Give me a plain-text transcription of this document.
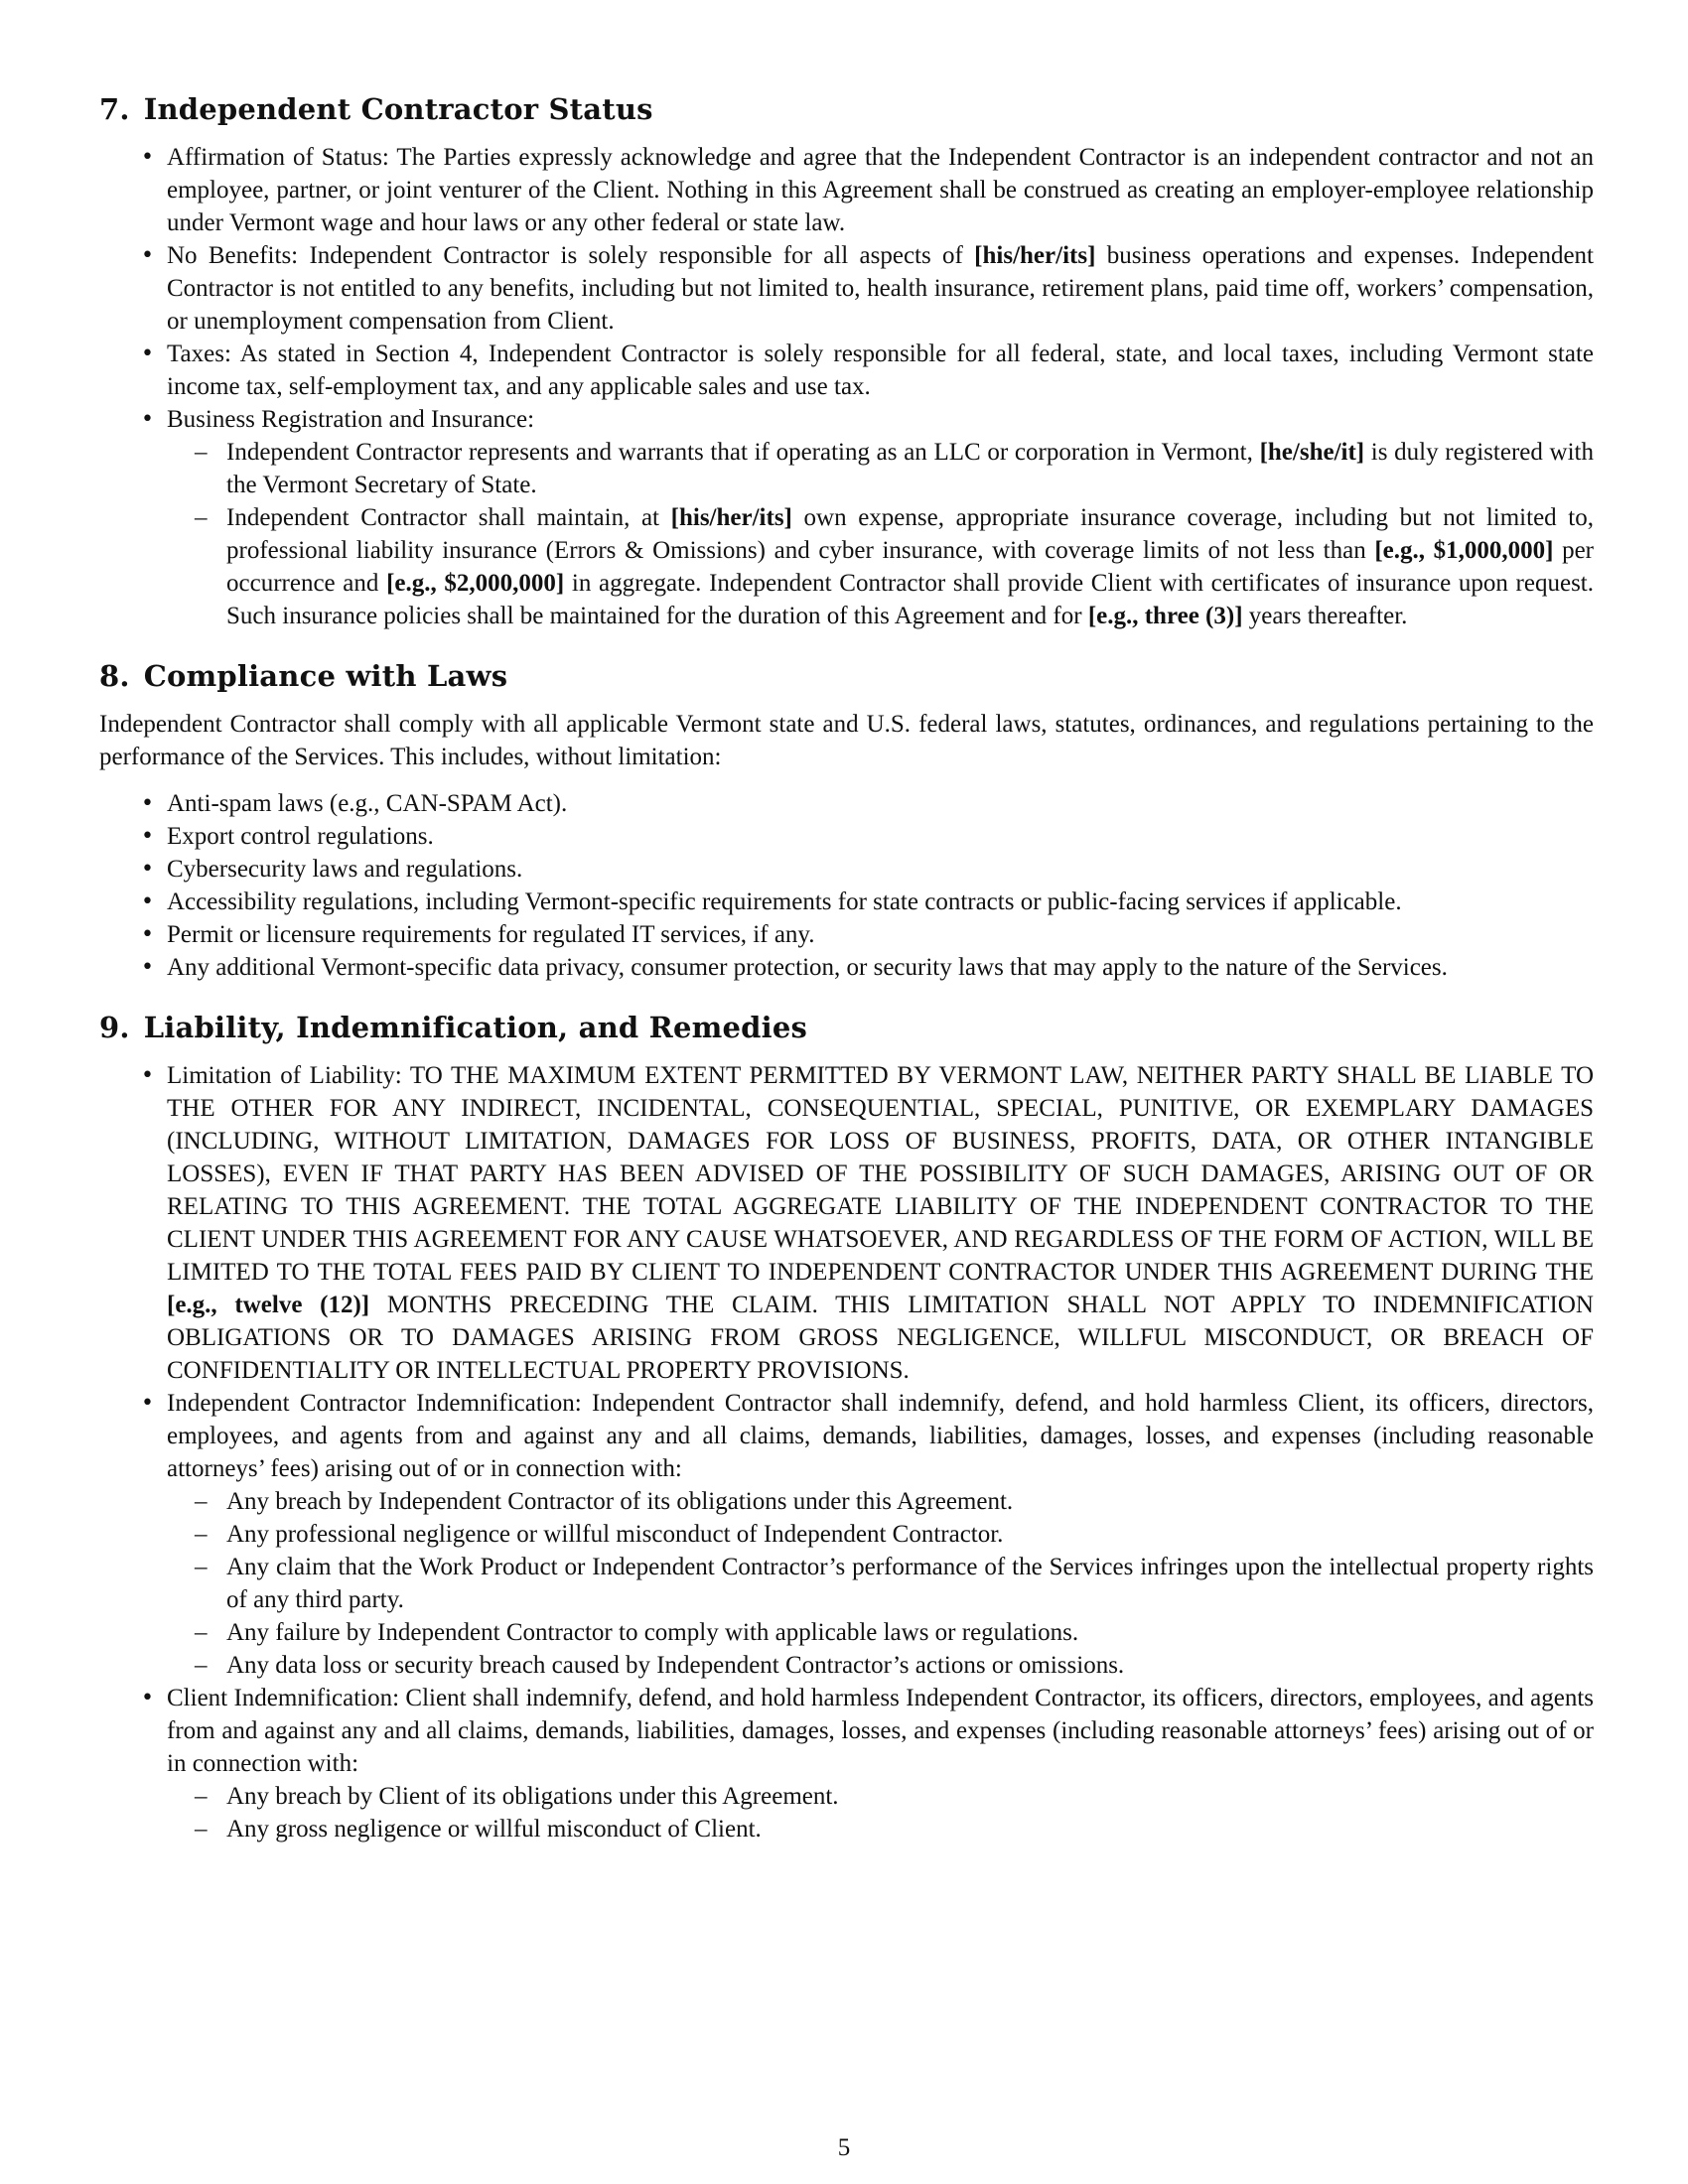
7. Independent Contractor Status
• Affirmation of Status: The Parties expressly acknowledge and agree that the Independent Contractor is an independent contractor and not an employee, partner, or joint venturer of the Client. Nothing in this Agreement shall be construed as creating an employer-employee relationship under Vermont wage and hour laws or any other federal or state law.
• No Benefits: Independent Contractor is solely responsible for all aspects of [his/her/its] business operations and expenses. Independent Contractor is not entitled to any benefits, including but not limited to, health insurance, retirement plans, paid time off, workers’ compensation, or unemployment compensation from Client.
• Taxes: As stated in Section 4, Independent Contractor is solely responsible for all federal, state, and local taxes, including Vermont state income tax, self-employment tax, and any applicable sales and use tax.
• Business Registration and Insurance:
– Independent Contractor represents and warrants that if operating as an LLC or corporation in Vermont, [he/she/it] is duly registered with the Vermont Secretary of State.
– Independent Contractor shall maintain, at [his/her/its] own expense, appropriate insurance coverage, including but not limited to, professional liability insurance (Errors & Omissions) and cyber insurance, with coverage limits of not less than [e.g., $1,000,000] per occurrence and [e.g., $2,000,000] in aggregate. Independent Contractor shall provide Client with certificates of insurance upon request. Such insurance policies shall be maintained for the duration of this Agreement and for [e.g., three (3)] years thereafter.
8. Compliance with Laws

Independent Contractor shall comply with all applicable Vermont state and U.S. federal laws, statutes, ordinances, and regulations pertaining to the performance of the Services. This includes, without limitation:

• Anti-spam laws (e.g., CAN-SPAM Act).
• Export control regulations.
• Cybersecurity laws and regulations.
• Accessibility regulations, including Vermont-specific requirements for state contracts or public-facing services if applicable.
• Permit or licensure requirements for regulated IT services, if any.
• Any additional Vermont-specific data privacy, consumer protection, or security laws that may apply to the nature of the Services.
9. Liability, Indemnification, and Remedies
• Limitation of Liability: TO THE MAXIMUM EXTENT PERMITTED BY VERMONT LAW, NEITHER PARTY SHALL BE LIABLE TO THE OTHER FOR ANY INDIRECT, INCIDENTAL, CONSEQUENTIAL, SPECIAL, PUNITIVE, OR EXEMPLARY DAMAGES (INCLUDING, WITHOUT LIMITATION, DAMAGES FOR LOSS OF BUSINESS, PROFITS, DATA, OR OTHER INTANGIBLE LOSSES), EVEN IF THAT PARTY HAS BEEN ADVISED OF THE POSSIBILITY OF SUCH DAMAGES, ARISING OUT OF OR RELATING TO THIS AGREEMENT. THE TOTAL AGGREGATE LIABILITY OF THE INDEPENDENT CONTRACTOR TO THE CLIENT UNDER THIS AGREEMENT FOR ANY CAUSE WHATSOEVER, AND REGARDLESS OF THE FORM OF ACTION, WILL BE LIMITED TO THE TOTAL FEES PAID BY CLIENT TO INDEPENDENT CONTRACTOR UNDER THIS AGREEMENT DURING THE [e.g., twelve (12)] MONTHS PRECEDING THE CLAIM. THIS LIMITATION SHALL NOT APPLY TO INDEMNIFICATION OBLIGATIONS OR TO DAMAGES ARISING FROM GROSS NEGLIGENCE, WILLFUL MISCONDUCT, OR BREACH OF CONFIDENTIALITY OR INTELLECTUAL PROPERTY PROVISIONS.
• Independent Contractor Indemnification: Independent Contractor shall indemnify, defend, and hold harmless Client, its officers, directors, employees, and agents from and against any and all claims, demands, liabilities, damages, losses, and expenses (including reasonable attorneys’ fees) arising out of or in connection with:
– Any breach by Independent Contractor of its obligations under this Agreement.
– Any professional negligence or willful misconduct of Independent Contractor.
– Any claim that the Work Product or Independent Contractor’s performance of the Services infringes upon the intellectual property rights of any third party.
– Any failure by Independent Contractor to comply with applicable laws or regulations.
– Any data loss or security breach caused by Independent Contractor’s actions or omissions.
• Client Indemnification: Client shall indemnify, defend, and hold harmless Independent Contractor, its officers, directors, employees, and agents from and against any and all claims, demands, liabilities, damages, losses, and expenses (including reasonable attorneys’ fees) arising out of or in connection with:
– Any breach by Client of its obligations under this Agreement.
– Any gross negligence or willful misconduct of Client.
5
